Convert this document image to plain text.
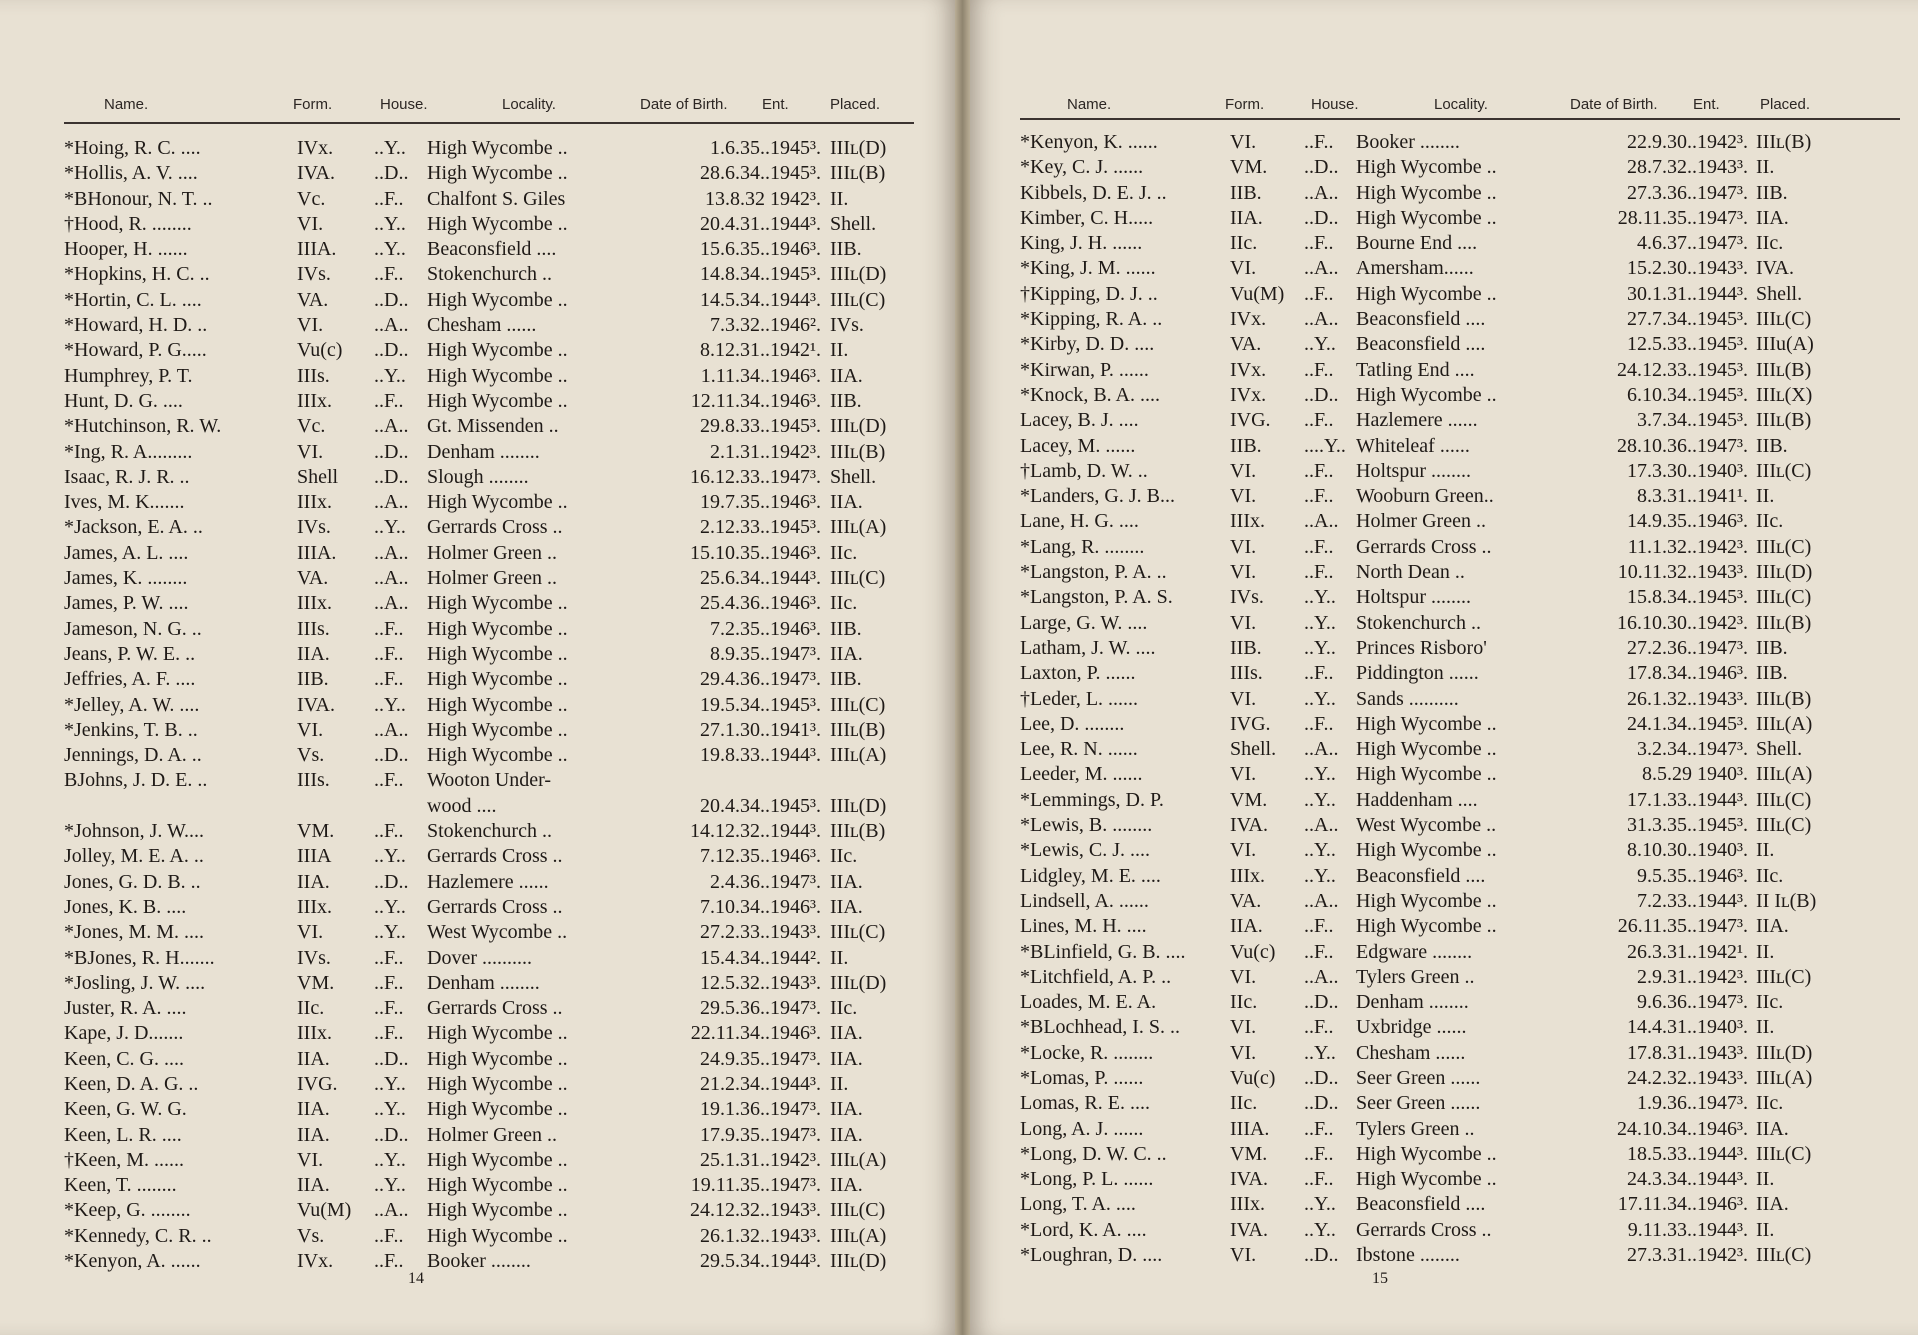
Name.	Form.	House.	Locality.	Date of Birth. Ent.	Placed.
*Hoing, R. C. ....	IVx. ..Y.. High Wycombe ..	1.6.35..1945³. IIIʟ(D)
*Hollis, A. V. ....	IVA. ..D.. High Wycombe ..	28.6.34..1945³. IIIʟ(B)
*BHonour, N. T. ..	Vc. ..F.. Chalfont S. Giles	13.8.32 1942³. II.
†Hood, R. ........	VI.	..Y.. High Wycombe ..	20.4.31..1944³. Shell.
Hooper, H. ......	IIIA. ..Y.. Beaconsfield ....	15.6.35..1946³. IIB.
*Hopkins, H. C. ..	IVs. ..F.. Stokenchurch ..	14.8.34..1945³. IIIʟ(D)
*Hortin, C. L. ....	VA. ..D.. High Wycombe ..	14.5.34..1944³. IIIʟ(C)
*Howard, H. D. ..	VI.	..A.. Chesham ......	7.3.32..1946². IVs.
*Howard, P. G.....	Vu(c) ..D.. High Wycombe ..	8.12.31..1942¹. II.
Humphrey, P. T.	IIIs. ..Y.. High Wycombe ..	1.11.34..1946³. IIA.
Hunt, D. G. ....	IIIx. ..F.. High Wycombe ..	12.11.34..1946³. IIB.
*Hutchinson, R. W.	Vc. ..A.. Gt. Missenden ..	29.8.33..1945³. IIIʟ(D)
*Ing, R. A.........	VI.	..D.. Denham ........	2.1.31..1942³. IIIʟ(B)
Isaac, R. J. R. ..	Shell ..D.. Slough ........	16.12.33..1947³. Shell.
Ives, M. K.......	IIIx. ..A.. High Wycombe ..	19.7.35..1946³. IIA.
*Jackson, E. A. ..	IVs. ..Y.. Gerrards Cross ..	2.12.33..1945³. IIIʟ(A)
James, A. L. ....	IIIA. ..A.. Holmer Green ..	15.10.35..1946³. IIc.
James, K. ........	VA. ..A.. Holmer Green ..	25.6.34..1944³. IIIʟ(C)
James, P. W. ....	IIIx. ..A.. High Wycombe ..	25.4.36..1946³. IIc.
Jameson, N. G. ..	IIIs. ..F.. High Wycombe ..	7.2.35..1946³. IIB.
Jeans, P. W. E. ..	IIA. ..F.. High Wycombe ..	8.9.35..1947³. IIA.
Jeffries, A. F. ....	IIB. ..F.. High Wycombe ..	29.4.36..1947³. IIB.
*Jelley, A. W. ....	IVA. ..Y.. High Wycombe ..	19.5.34..1945³. IIIʟ(C)
*Jenkins, T. B. ..	VI.	..A.. High Wycombe ..	27.1.30..1941³. IIIʟ(B)
Jennings, D. A. ..	Vs. ..D.. High Wycombe ..	19.8.33..1944³. IIIʟ(A)
BJohns, J. D. E. ..	IIIs. ..F.. Wooton Under-
wood ....	20.4.34..1945³. IIIʟ(D)
*Johnson, J. W....	VM. ..F.. Stokenchurch ..	14.12.32..1944³. IIIʟ(B)
Jolley, M. E. A. ..	IIIA ..Y.. Gerrards Cross ..	7.12.35..1946³. IIc.
Jones, G. D. B. ..	IIA. ..D.. Hazlemere ......	2.4.36..1947³. IIA.
Jones, K. B. ....	IIIx. ..Y.. Gerrards Cross ..	7.10.34..1946³. IIA.
*Jones, M. M. ....	VI.	..Y.. West Wycombe ..	27.2.33..1943³. IIIʟ(C)
*BJones, R. H.......	IVs. ..F.. Dover ..........	15.4.34..1944². II.
*Josling, J. W. ....	VM. ..F.. Denham ........	12.5.32..1943³. IIIʟ(D)
Juster, R. A. ....	IIc. ..F.. Gerrards Cross ..	29.5.36..1947³. IIc.
Kape, J. D.......	IIIx. ..F.. High Wycombe ..	22.11.34..1946³. IIA.
Keen, C. G. ....	IIA. ..D.. High Wycombe ..	24.9.35..1947³. IIA.
Keen, D. A. G. ..	IVG. ..Y.. High Wycombe ..	21.2.34..1944³. II.
Keen, G. W. G.	IIA. ..Y.. High Wycombe ..	19.1.36..1947³. IIA.
Keen, L. R. ....	IIA. ..D.. Holmer Green ..	17.9.35..1947³. IIA.
†Keen, M. ......	VI.	..Y.. High Wycombe ..	25.1.31..1942³. IIIʟ(A)
Keen, T. ........	IIA. ..Y.. High Wycombe ..	19.11.35..1947³. IIA.
*Keep, G. ........	Vu(M) ..A.. High Wycombe ..	24.12.32..1943³. IIIʟ(C)
*Kennedy, C. R. ..	Vs. ..F.. High Wycombe ..	26.1.32..1943³. IIIʟ(A)
*Kenyon, A. ......	IVx. ..F.. Booker ........	29.5.34..1944³. IIIʟ(D)
14
Name.	Form.	House.	Locality.	Date of Birth. Ent.	Placed.
*Kenyon, K. ......	VI. ..F.. Booker ........	22.9.30..1942³. IIIʟ(B)
*Key, C. J. ......	VM. ..D.. High Wycombe ..	28.7.32..1943³. II.
Kibbels, D. E. J. ..	IIB. ..A.. High Wycombe ..	27.3.36..1947³. IIB.
Kimber, C. H.....	IIA. ..D.. High Wycombe ..	28.11.35..1947³. IIA.
King, J. H. ......	IIc. ..F.. Bourne End ....	4.6.37..1947³. IIc.
*King, J. M. ......	VI. ..A.. Amersham......	15.2.30..1943³. IVA.
†Kipping, D. J. ..	Vu(M) ..F.. High Wycombe ..	30.1.31..1944³. Shell.
*Kipping, R. A. ..	IVx. ..A.. Beaconsfield ....	27.7.34..1945³. IIIʟ(C)
*Kirby, D. D. ....	VA. ..Y.. Beaconsfield ....	12.5.33..1945³. IIIu(A)
*Kirwan, P. ......	IVx. ..F.. Tatling End ....	24.12.33..1945³. IIIʟ(B)
*Knock, B. A. ....	IVx. ..D.. High Wycombe ..	6.10.34..1945³. IIIʟ(X)
Lacey, B. J. ....	IVG. ..F.. Hazlemere ......	3.7.34..1945³. IIIʟ(B)
Lacey, M. ......	IIB. ....Y.. Whiteleaf ......	28.10.36..1947³. IIB.
†Lamb, D. W. ..	VI. ..F.. Holtspur ........	17.3.30..1940³. IIIʟ(C)
*Landers, G. J. B...	VI. ..F.. Wooburn Green..	8.3.31..1941¹. II.
Lane, H. G. ....	IIIx. ..A.. Holmer Green ..	14.9.35..1946³. IIc.
*Lang, R. ........	VI. ..F.. Gerrards Cross ..	11.1.32..1942³. IIIʟ(C)
*Langston, P. A. ..	VI. ..F.. North Dean ..	10.11.32..1943³. IIIʟ(D)
*Langston, P. A. S.	IVs. ..Y.. Holtspur ........	15.8.34..1945³. IIIʟ(C)
Large, G. W. ....	VI. ..Y.. Stokenchurch ..	16.10.30..1942³. IIIʟ(B)
Latham, J. W. ....	IIB. ..Y.. Princes Risboro'	27.2.36..1947³. IIB.
Laxton, P. ......	IIIs. ..F.. Piddington ......	17.8.34..1946³. IIB.
†Leder, L. ......	VI. ..Y.. Sands ..........	26.1.32..1943³. IIIʟ(B)
Lee, D. ........	IVG. ..F.. High Wycombe ..	24.1.34..1945³. IIIʟ(A)
Lee, R. N. ......	Shell. ..A.. High Wycombe ..	3.2.34..1947³. Shell.
Leeder, M. ......	VI. ..Y.. High Wycombe ..	8.5.29 1940³. IIIʟ(A)
*Lemmings, D. P.	VM. ..Y.. Haddenham ....	17.1.33..1944³. IIIʟ(C)
*Lewis, B. ........	IVA. ..A.. West Wycombe ..	31.3.35..1945³. IIIʟ(C)
*Lewis, C. J. ....	VI. ..Y.. High Wycombe ..	8.10.30..1940³. II.
Lidgley, M. E. ....	IIIx. ..Y.. Beaconsfield ....	9.5.35..1946³. IIc.
Lindsell, A. ......	VA. ..A.. High Wycombe ..	7.2.33..1944³. II Iʟ(B)
Lines, M. H. ....	IIA. ..F.. High Wycombe ..	26.11.35..1947³. IIA.
*BLinfield, G. B. .... Vu(c) ..F.. Edgware ........	26.3.31..1942¹. II.
*Litchfield, A. P. ..	VI. ..A.. Tylers Green ..	2.9.31..1942³. IIIʟ(C)
Loades, M. E. A.	IIc. ..D.. Denham ........	9.6.36..1947³. IIc.
*BLochhead, I. S. ..	VI. ..F.. Uxbridge ......	14.4.31..1940³. II.
*Locke, R. ........	VI. ..Y.. Chesham ......	17.8.31..1943³. IIIʟ(D)
*Lomas, P. ......	Vu(c) ..D.. Seer Green ......	24.2.32..1943³. IIIʟ(A)
Lomas, R. E. ....	IIc. ..D.. Seer Green ......	1.9.36..1947³. IIc.
Long, A. J. ......	IIIA. ..F.. Tylers Green ..	24.10.34..1946³. IIA.
*Long, D. W. C. ..	VM. ..F.. High Wycombe ..	18.5.33..1944³. IIIʟ(C)
*Long, P. L. ......	IVA. ..F.. High Wycombe ..	24.3.34..1944³. II.
Long, T. A. ....	IIIx. ..Y.. Beaconsfield ....	17.11.34..1946³. IIA.
*Lord, K. A. ....	IVA. ..Y.. Gerrards Cross ..	9.11.33..1944³. II.
*Loughran, D. ....	VI. ..D.. Ibstone ........	27.3.31..1942³. IIIʟ(C)
15
